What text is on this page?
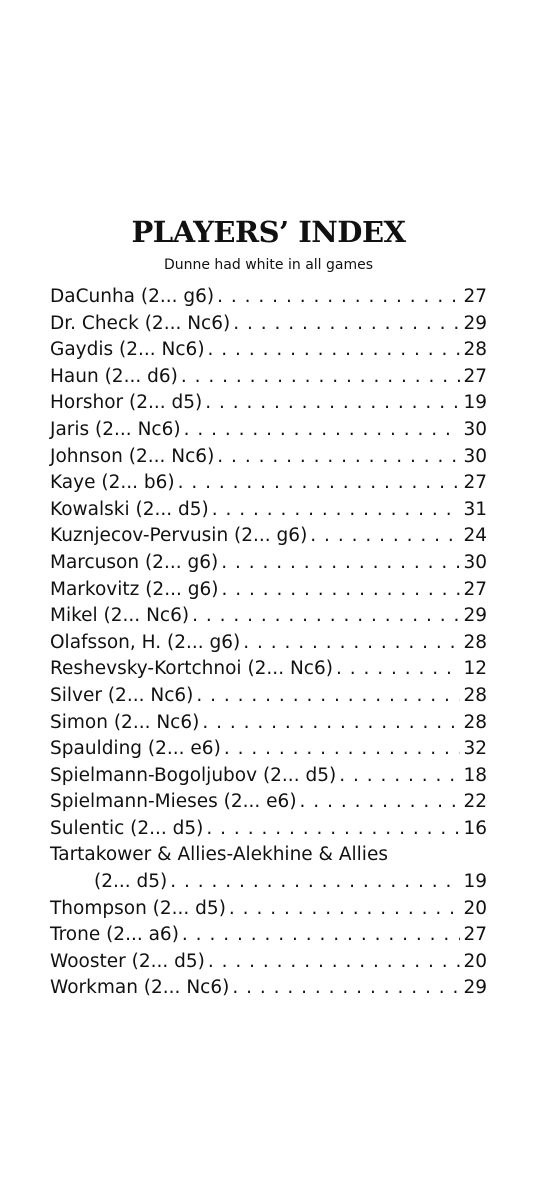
PLAYERS’ INDEX
Dunne had white in all games
DaCunha (2... g6) . . .	27
Dr. Check (2... Nc6) . . .	29
Gaydis (2... Nc6) . . .	28
Haun (2... d6) . . .	27
Horshor (2... d5) . . .	19
Jaris (2... Nc6) . . .	30
Johnson (2... Nc6) . . .	30
Kaye (2... b6) . . .	27
Kowalski (2... d5) . . .	31
Kuznjecov-Pervusin (2... g6) . . .	24
Marcuson (2... g6) . . .	30
Markovitz (2... g6) . . .	27
Mikel (2... Nc6) . . .	29
Olafsson, H. (2... g6) . . .	28
Reshevsky-Kortchnoi (2... Nc6) . . .	12
Silver (2... Nc6) . . .	28
Simon (2... Nc6) . . .	28
Spaulding (2... e6) . . .	32
Spielmann-Bogoljubov (2... d5) . . .	18
Spielmann-Mieses (2... e6) . . .	22
Sulentic (2... d5) . . .	16
Tartakower & Allies-Alekhine & Allies
(2... d5) . . .	19
Thompson (2... d5) . . .	20
Trone (2... a6) . . .	27
Wooster (2... d5) . . .	20
Workman (2... Nc6) . . .	29
